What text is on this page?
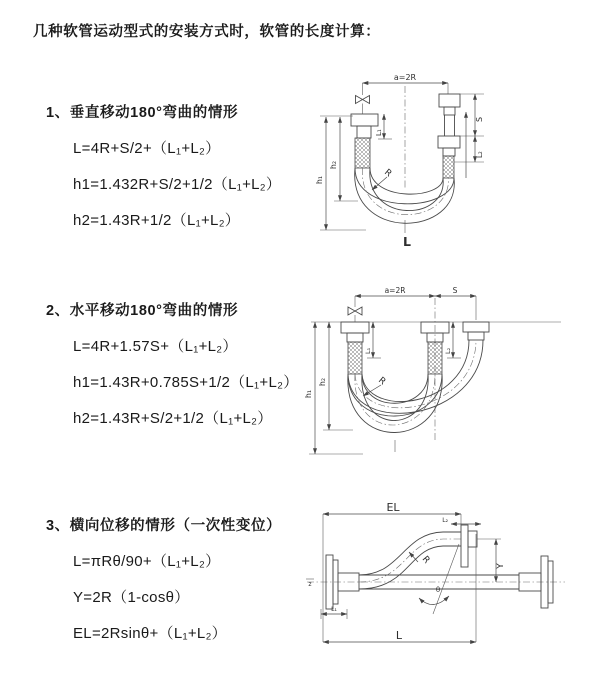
几种软管运动型式的安装方式时，软管的长度计算：
1、垂直移动180°弯曲的情形
L=4R+S/2+（L₁+L₂）
h1=1.432R+S/2+1/2（L₁+L₂）
h2=1.43R+1/2（L₁+L₂）
a=2R
h₁
h₂
L₁
S
L₂
R
L
2、水平移动180°弯曲的情形
L=4R+1.57S+（L₁+L₂）
h1=1.43R+0.785S+1/2（L₁+L₂）
h2=1.43R+S/2+1/2（L₁+L₂）
a=2R	S
h₁
h₂
L₁	L₂
R
3、横向位移的情形（一次性变位）
L=πRθ/90+（L₁+L₂）
Y=2R（1-cosθ）
EL=2Rsinθ+（L₁+L₂）
z
L₁
EL
L₂
θ
R
Y
L
